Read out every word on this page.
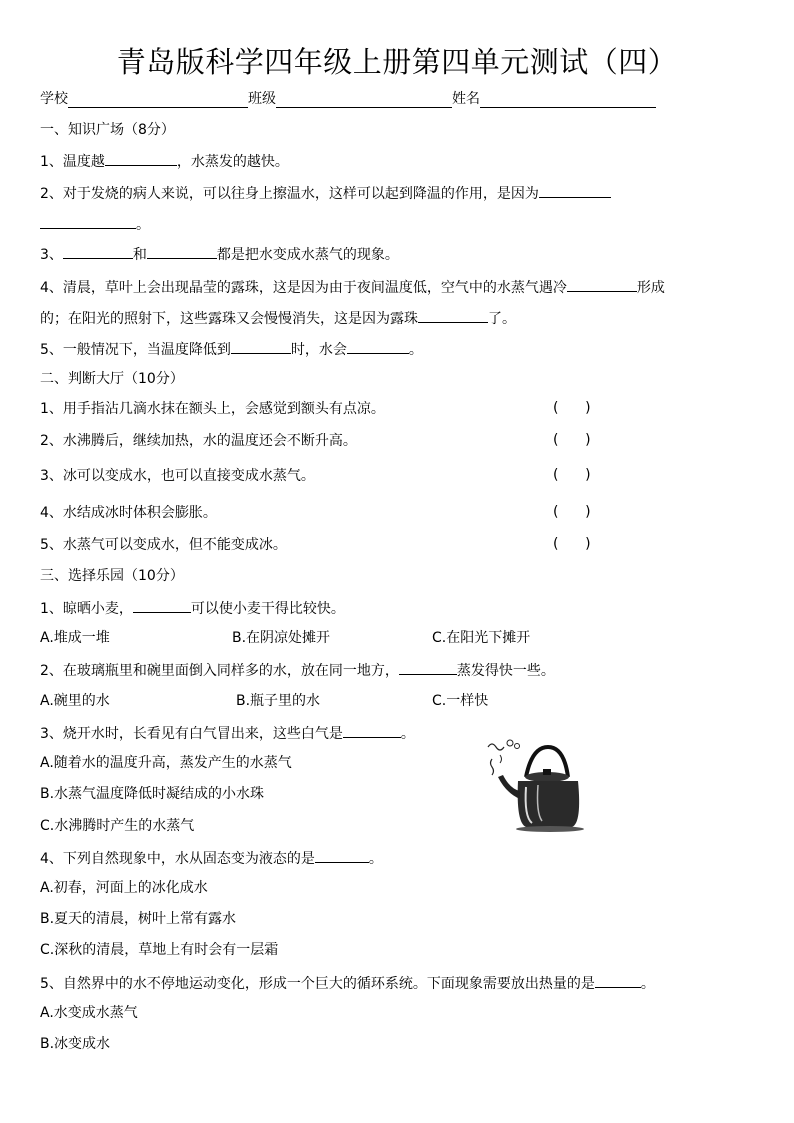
青岛版科学四年级上册第四单元测试（四）
学校	班级	姓名
一、知识广场（8分）
1、温度越	，水蒸发的越快。
2、对于发烧的病人来说，可以往身上擦温水，这样可以起到降温的作用，是因为
。
3、	和	都是把水变成水蒸气的现象。
4、清晨，草叶上会出现晶莹的露珠，这是因为由于夜间温度低，空气中的水蒸气遇冷	形成
的；在阳光的照射下，这些露珠又会慢慢消失，这是因为露珠	了。
5、一般情况下，当温度降低到	时，水会	。
二、判断大厅（10分）
1、用手指沾几滴水抹在额头上，会感觉到额头有点凉。	(      )
2、水沸腾后，继续加热，水的温度还会不断升高。	(      )
3、冰可以变成水，也可以直接变成水蒸气。	(      )
4、水结成冰时体积会膨胀。	(      )
5、水蒸气可以变成水，但不能变成冰。	(      )
三、选择乐园（10分）
1、晾晒小麦，	可以使小麦干得比较快。
A.堆成一堆	B.在阴凉处摊开	C.在阳光下摊开
2、在玻璃瓶里和碗里面倒入同样多的水，放在同一地方，	蒸发得快一些。
A.碗里的水	B.瓶子里的水	C.一样快
3、烧开水时，长看见有白气冒出来，这些白气是	。
A.随着水的温度升高，蒸发产生的水蒸气
B.水蒸气温度降低时凝结成的小水珠
C.水沸腾时产生的水蒸气
4、下列自然现象中，水从固态变为液态的是	。
A.初春，河面上的冰化成水
B.夏天的清晨，树叶上常有露水
C.深秋的清晨，草地上有时会有一层霜
5、自然界中的水不停地运动变化，形成一个巨大的循环系统。下面现象需要放出热量的是	。
A.水变成水蒸气
B.冰变成水
